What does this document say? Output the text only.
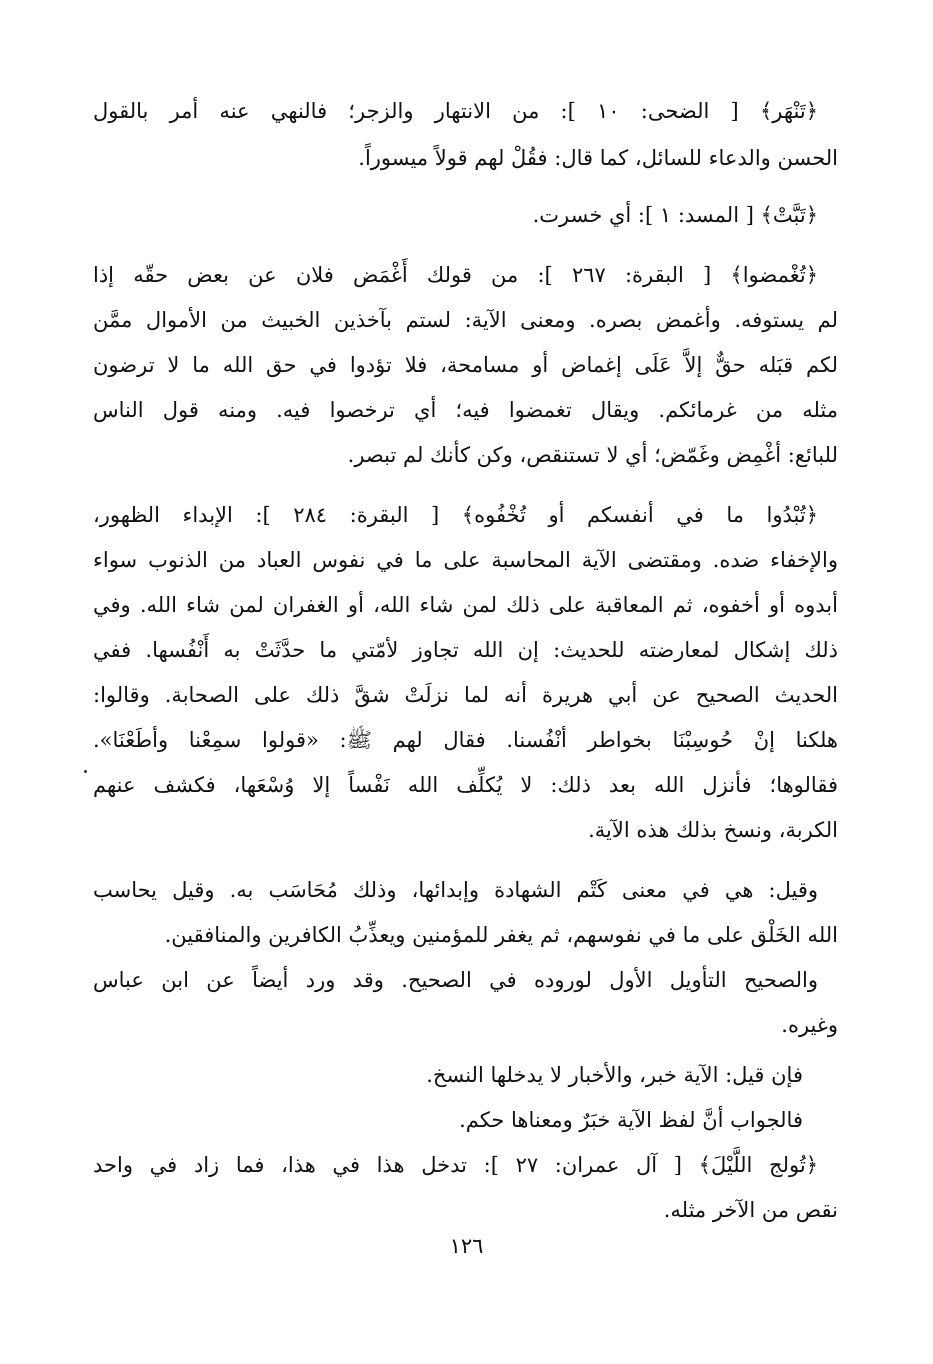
﴿تَنْهَر﴾ [ الضحى: ١٠ ]: من الانتهار والزجر؛ فالنهي عنه أمر بالقول
الحسن والدعاء للسائل، كما قال: فقُلْ لهم قولاً ميسوراً.
﴿تَبَّتْ﴾ [ المسد: ١ ]: أي خسرت.
﴿تُغْمضوا﴾ [ البقرة: ٢٦٧ ]: من قولك أَغْمَض فلان عن بعض حقّه إذا
لم يستوفه. وأغمض بصره. ومعنى الآية: لستم بآخذين الخبيث من الأموال ممَّن
لكم قبَله حقٌّ إلاَّ عَلَى إغماض أو مسامحة، فلا تؤدوا في حق الله ما لا ترضون
مثله من غرمائكم. ويقال تغمضوا فيه؛ أي ترخصوا فيه. ومنه قول الناس
للبائع: أغْمِض وغَمّض؛ أي لا تستنقص، وكن كأنك لم تبصر.
﴿تُبْدُوا ما في أنفسكم أو تُخْفُوه﴾ [ البقرة: ٢٨٤ ]: الإبداء الظهور،
والإخفاء ضده. ومقتضى الآية المحاسبة على ما في نفوس العباد من الذنوب سواء
أبدوه أو أخفوه، ثم المعاقبة على ذلك لمن شاء الله، أو الغفران لمن شاء الله. وفي
ذلك إشكال لمعارضته للحديث: إن الله تجاوز لأمّتي ما حدَّثَتْ به أَنْفُسها. ففي
الحديث الصحيح عن أبي هريرة أنه لما نزلَتْ شقَّ ذلك على الصحابة. وقالوا:
هلكنا إنْ حُوسِبْنَا بخواطر أنْفُسنا. فقال لهم ﷺ: «قولوا سمِعْنا وأطَعْنَا».
فقالوها؛ فأنزل الله بعد ذلك: لا يُكلِّف الله نَفْساً إلا وُسْعَها، فكشف عنهم
الكربة، ونسخ بذلك هذه الآية.
وقيل: هي في معنى كَتْم الشهادة وإبدائها، وذلك مُحَاسَب به. وقيل يحاسب
الله الخَلْق على ما في نفوسهم، ثم يغفر للمؤمنين ويعذِّبُ الكافرين والمنافقين.
والصحيح التأويل الأول لوروده في الصحيح. وقد ورد أيضاً عن ابن عباس
وغيره.
فإن قيل: الآية خبر، والأخبار لا يدخلها النسخ.
فالجواب أنَّ لفظ الآية خبَرٌ ومعناها حكم.
﴿تُولج اللَّيْلَ﴾ [ آل عمران: ٢٧ ]: تدخل هذا في هذا، فما زاد في واحد
نقص من الآخر مثله.
١٢٦
